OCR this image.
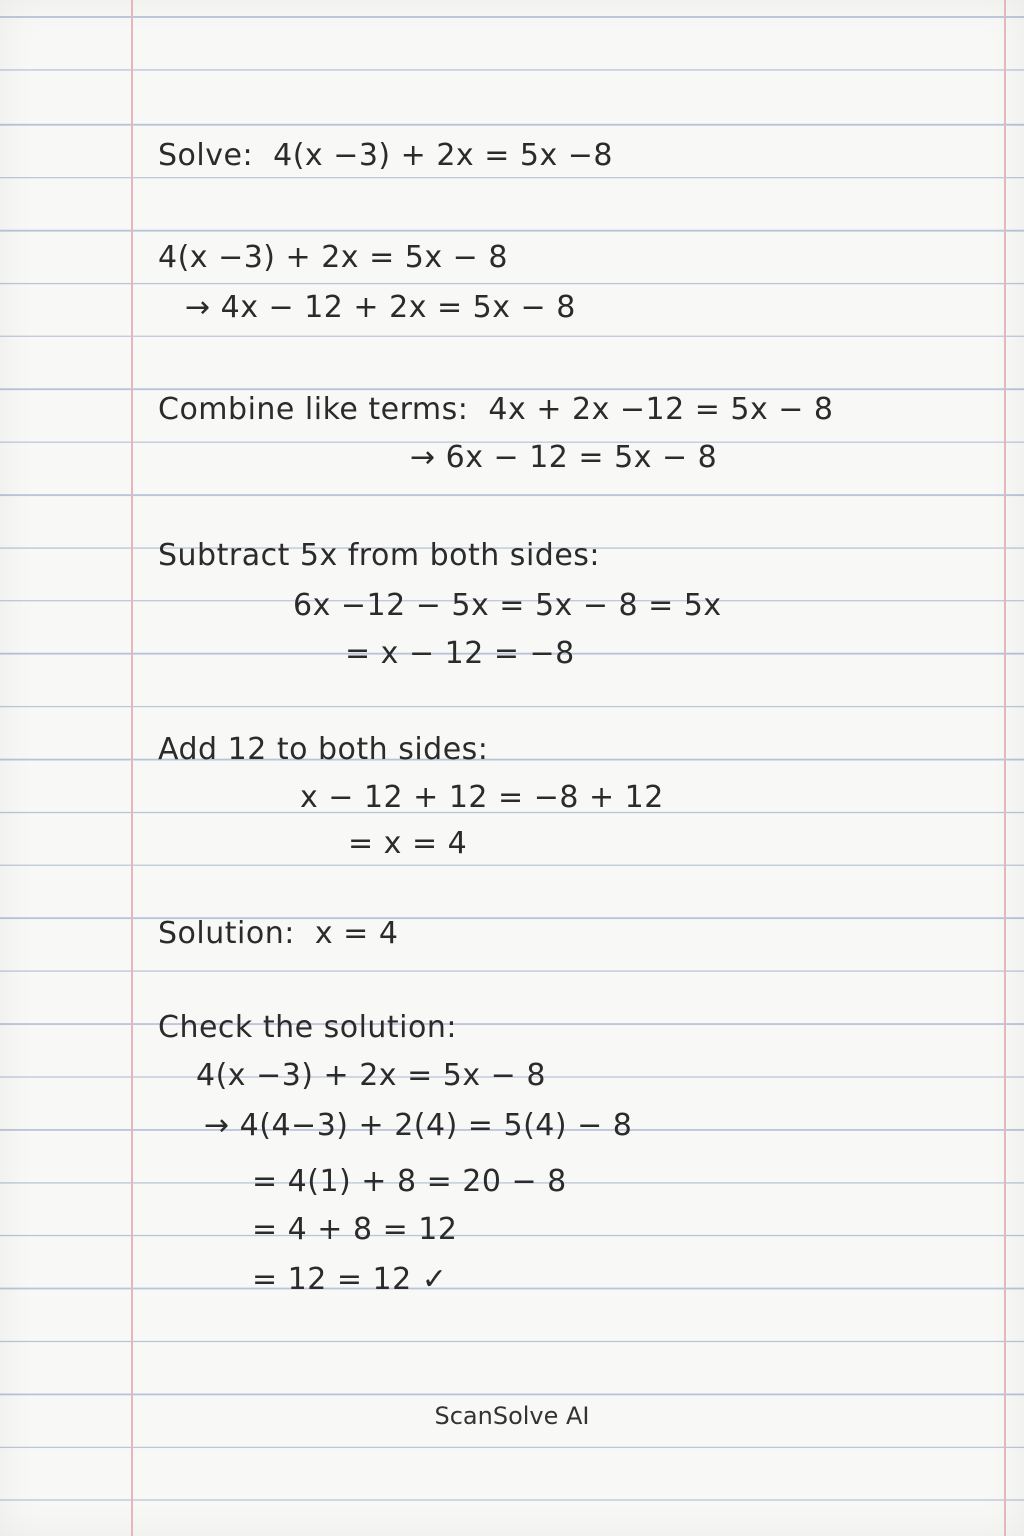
Solve:  4(x −3) + 2x = 5x −8
4(x −3) + 2x = 5x − 8
→ 4x − 12 + 2x = 5x − 8
Combine like terms:  4x + 2x −12 = 5x − 8
→ 6x − 12 = 5x − 8
Subtract 5x from both sides:
6x −12 − 5x = 5x − 8 = 5x
= x − 12 = −8
Add 12 to both sides:
x − 12 + 12 = −8 + 12
= x = 4
Solution:  x = 4
Check the solution:
4(x −3) + 2x = 5x − 8
→ 4(4−3) + 2(4) = 5(4) − 8
= 4(1) + 8 = 20 − 8
= 4 + 8 = 12
= 12 = 12 ✓
ScanSolve AI
